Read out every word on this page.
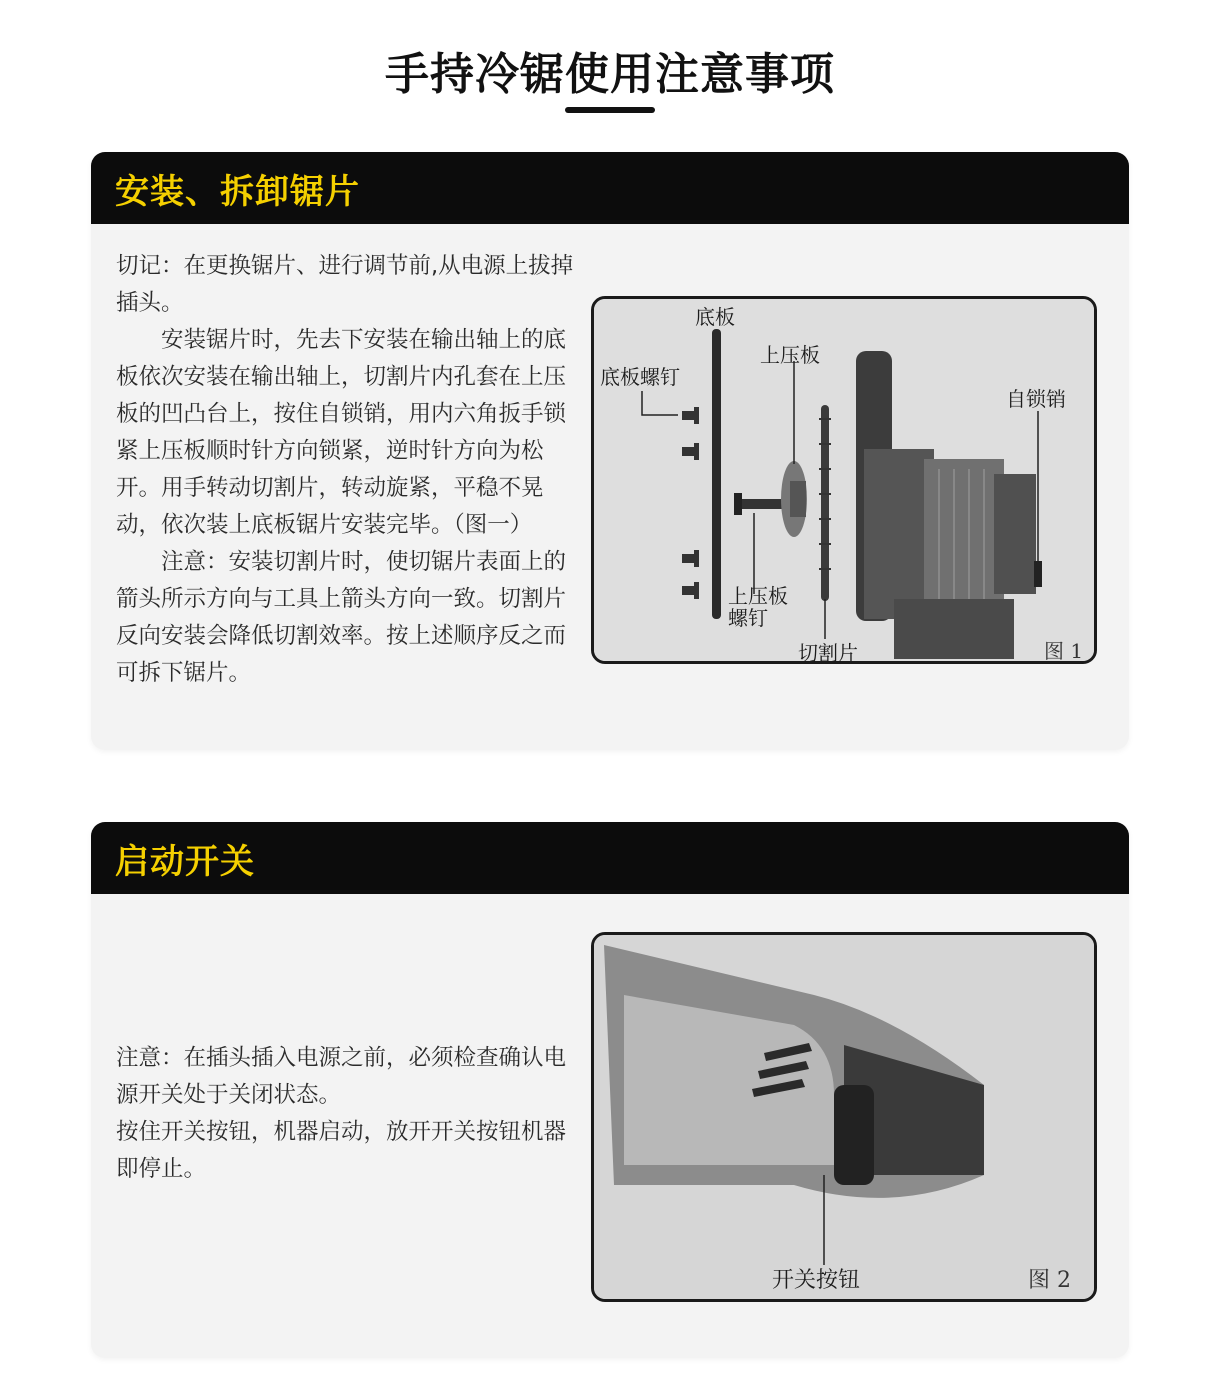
手持冷锯使用注意事项
安装、拆卸锯片

切记：在更换锯片、进行调节前,从电源上拔掉插头。

安装锯片时，先去下安装在输出轴上的底板依次安装在输出轴上，切割片内孔套在上压板的凹凸台上，按住自锁销，用内六角扳手锁紧上压板顺时针方向锁紧，逆时针方向为松开。用手转动切割片，转动旋紧，平稳不晃动，依次装上底板锯片安装完毕。（图一）

注意：安装切割片时，使切锯片表面上的箭头所示方向与工具上箭头方向一致。切割片反向安装会降低切割效率。按上述顺序反之而可拆下锯片。

底板
底板螺钉
上压板
自锁销
上压板螺钉
切割片	图 1
启动开关

注意：在插头插入电源之前，必须检查确认电源开关处于关闭状态。

按住开关按钮，机器启动，放开开关按钮机器即停止。

开关按钮	图 2
